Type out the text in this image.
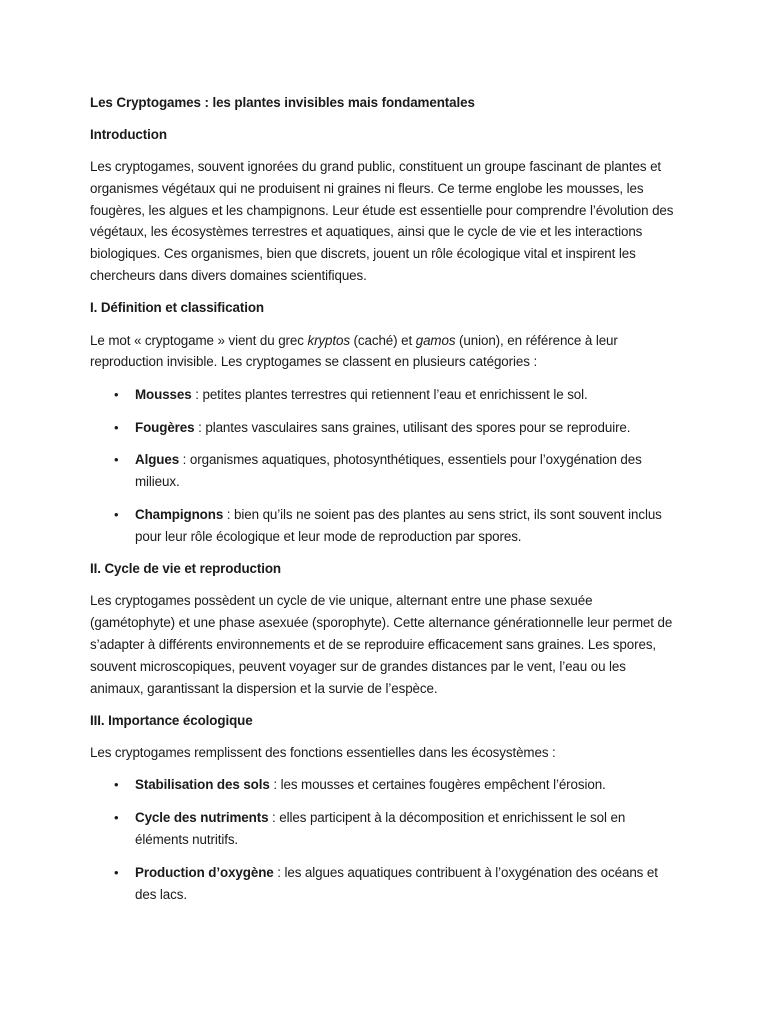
Les Cryptogames : les plantes invisibles mais fondamentales

Introduction

Les cryptogames, souvent ignorées du grand public, constituent un groupe fascinant de plantes et organismes végétaux qui ne produisent ni graines ni fleurs. Ce terme englobe les mousses, les fougères, les algues et les champignons. Leur étude est essentielle pour comprendre l’évolution des végétaux, les écosystèmes terrestres et aquatiques, ainsi que le cycle de vie et les interactions biologiques. Ces organismes, bien que discrets, jouent un rôle écologique vital et inspirent les chercheurs dans divers domaines scientifiques.

I. Définition et classification

Le mot « cryptogame » vient du grec kryptos (caché) et gamos (union), en référence à leur reproduction invisible. Les cryptogames se classent en plusieurs catégories :

• Mousses : petites plantes terrestres qui retiennent l’eau et enrichissent le sol.
• Fougères : plantes vasculaires sans graines, utilisant des spores pour se reproduire.
• Algues : organismes aquatiques, photosynthétiques, essentiels pour l’oxygénation des milieux.
• Champignons : bien qu’ils ne soient pas des plantes au sens strict, ils sont souvent inclus pour leur rôle écologique et leur mode de reproduction par spores.

II. Cycle de vie et reproduction

Les cryptogames possèdent un cycle de vie unique, alternant entre une phase sexuée (gamétophyte) et une phase asexuée (sporophyte). Cette alternance générationnelle leur permet de s’adapter à différents environnements et de se reproduire efficacement sans graines. Les spores, souvent microscopiques, peuvent voyager sur de grandes distances par le vent, l’eau ou les animaux, garantissant la dispersion et la survie de l’espèce.

III. Importance écologique

Les cryptogames remplissent des fonctions essentielles dans les écosystèmes :

• Stabilisation des sols : les mousses et certaines fougères empêchent l’érosion.
• Cycle des nutriments : elles participent à la décomposition et enrichissent le sol en éléments nutritifs.
• Production d’oxygène : les algues aquatiques contribuent à l’oxygénation des océans et des lacs.
